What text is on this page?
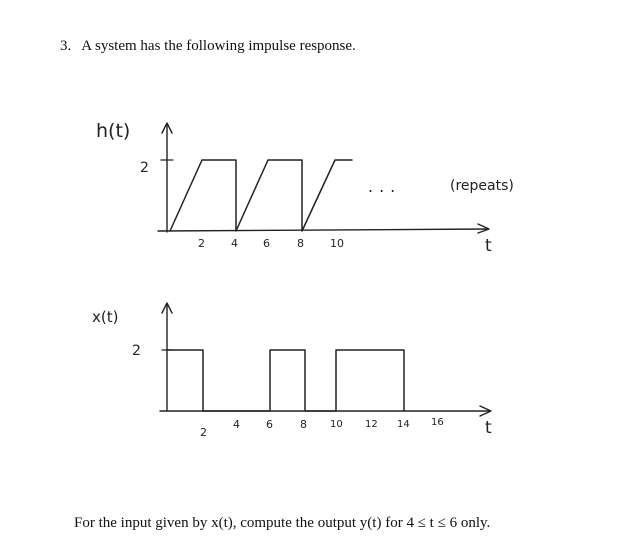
3. A system has the following impulse response.
h(t)
2
2 4 6 8 10
...	(repeats)
t
x(t)
2
2
4 6 8 10 12 14 16 t
For the input given by x(t), compute the output y(t) for 4 ≤ t ≤ 6 only.
